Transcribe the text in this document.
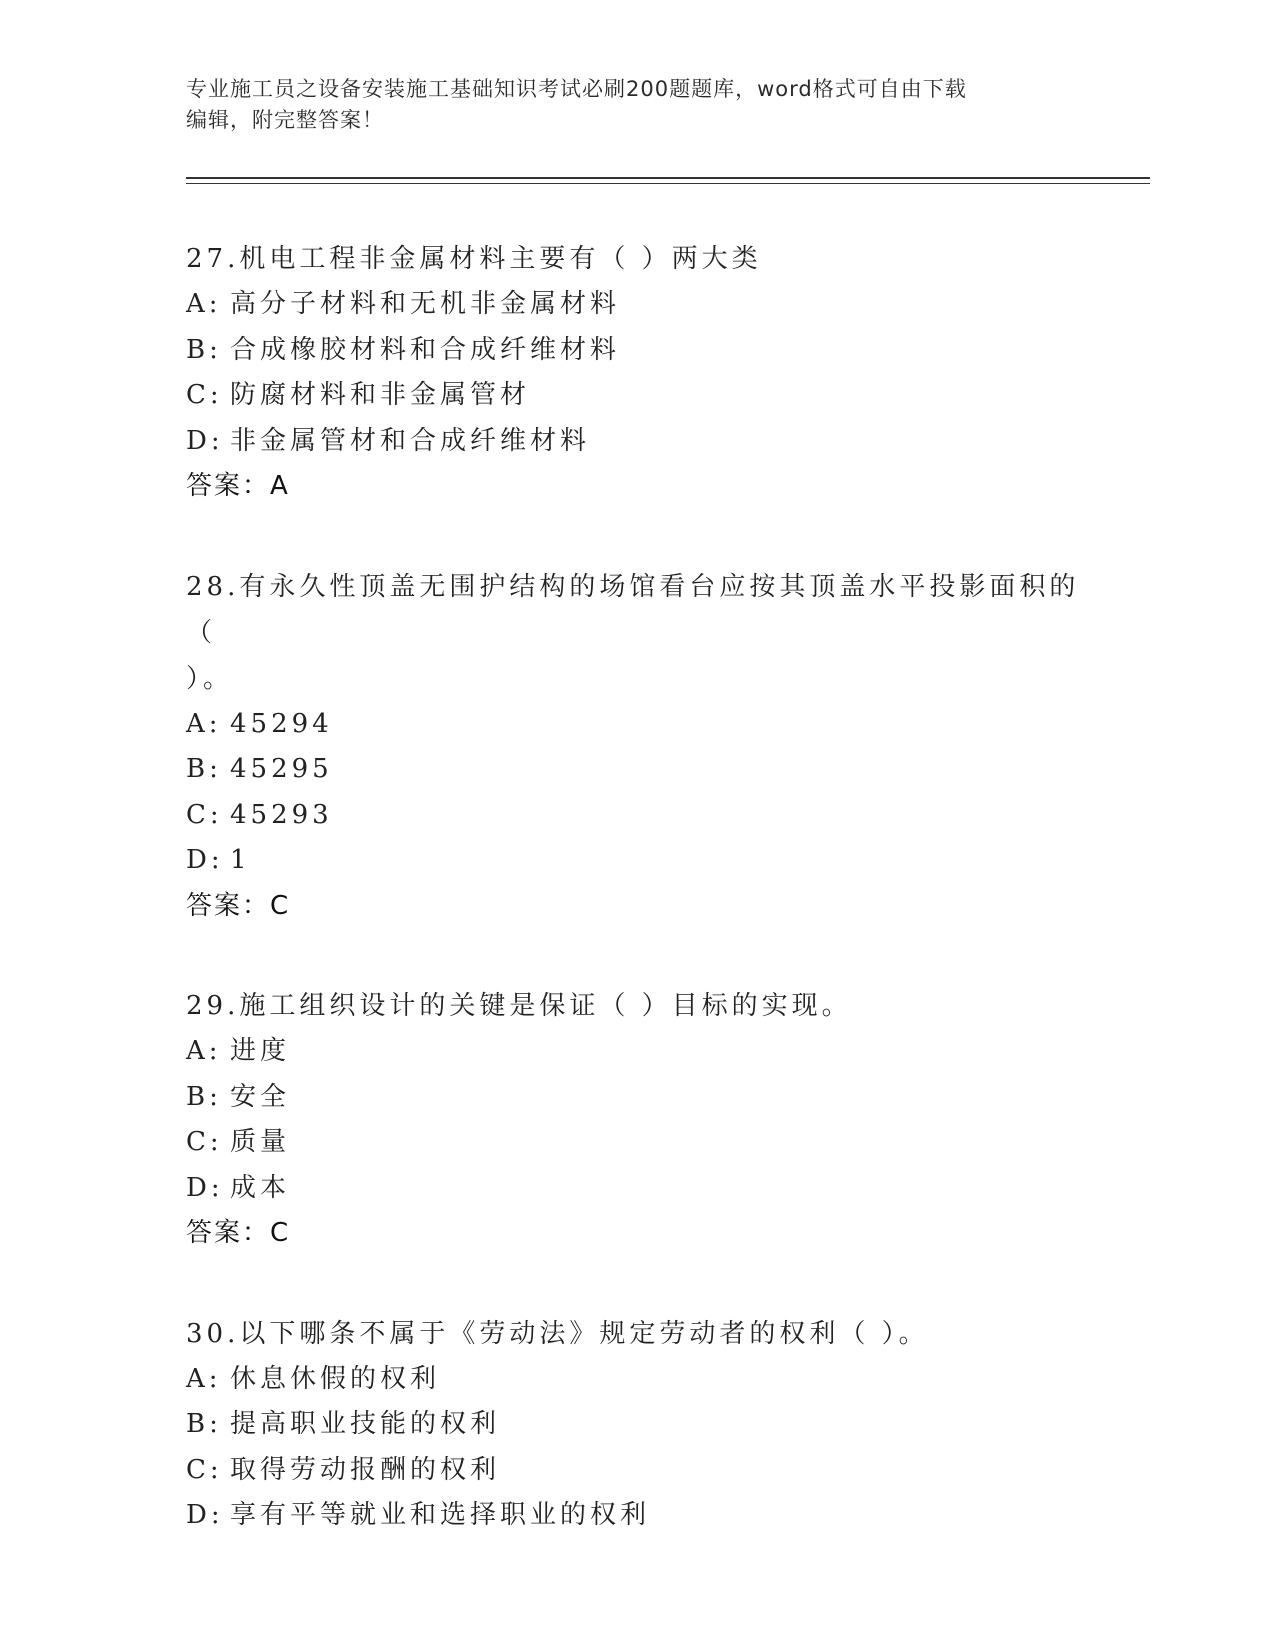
专业施工员之设备安装施工基础知识考试必刷200题题库，word格式可自由下载
编辑，附完整答案！

27.机电工程非金属材料主要有（ ）两大类

A: 高分子材料和无机非金属材料

B: 合成橡胶材料和合成纤维材料

C: 防腐材料和非金属管材

D: 非金属管材和合成纤维材料

答案：A

28.有永久性顶盖无围护结构的场馆看台应按其顶盖水平投影面积的（
）。

A: 45294

B: 45295

C: 45293

D: 1

答案：C

29.施工组织设计的关键是保证（ ）目标的实现。

A: 进度

B: 安全

C: 质量

D: 成本

答案：C

30.以下哪条不属于《劳动法》规定劳动者的权利（ ）。

A: 休息休假的权利

B: 提高职业技能的权利

C: 取得劳动报酬的权利

D: 享有平等就业和选择职业的权利
